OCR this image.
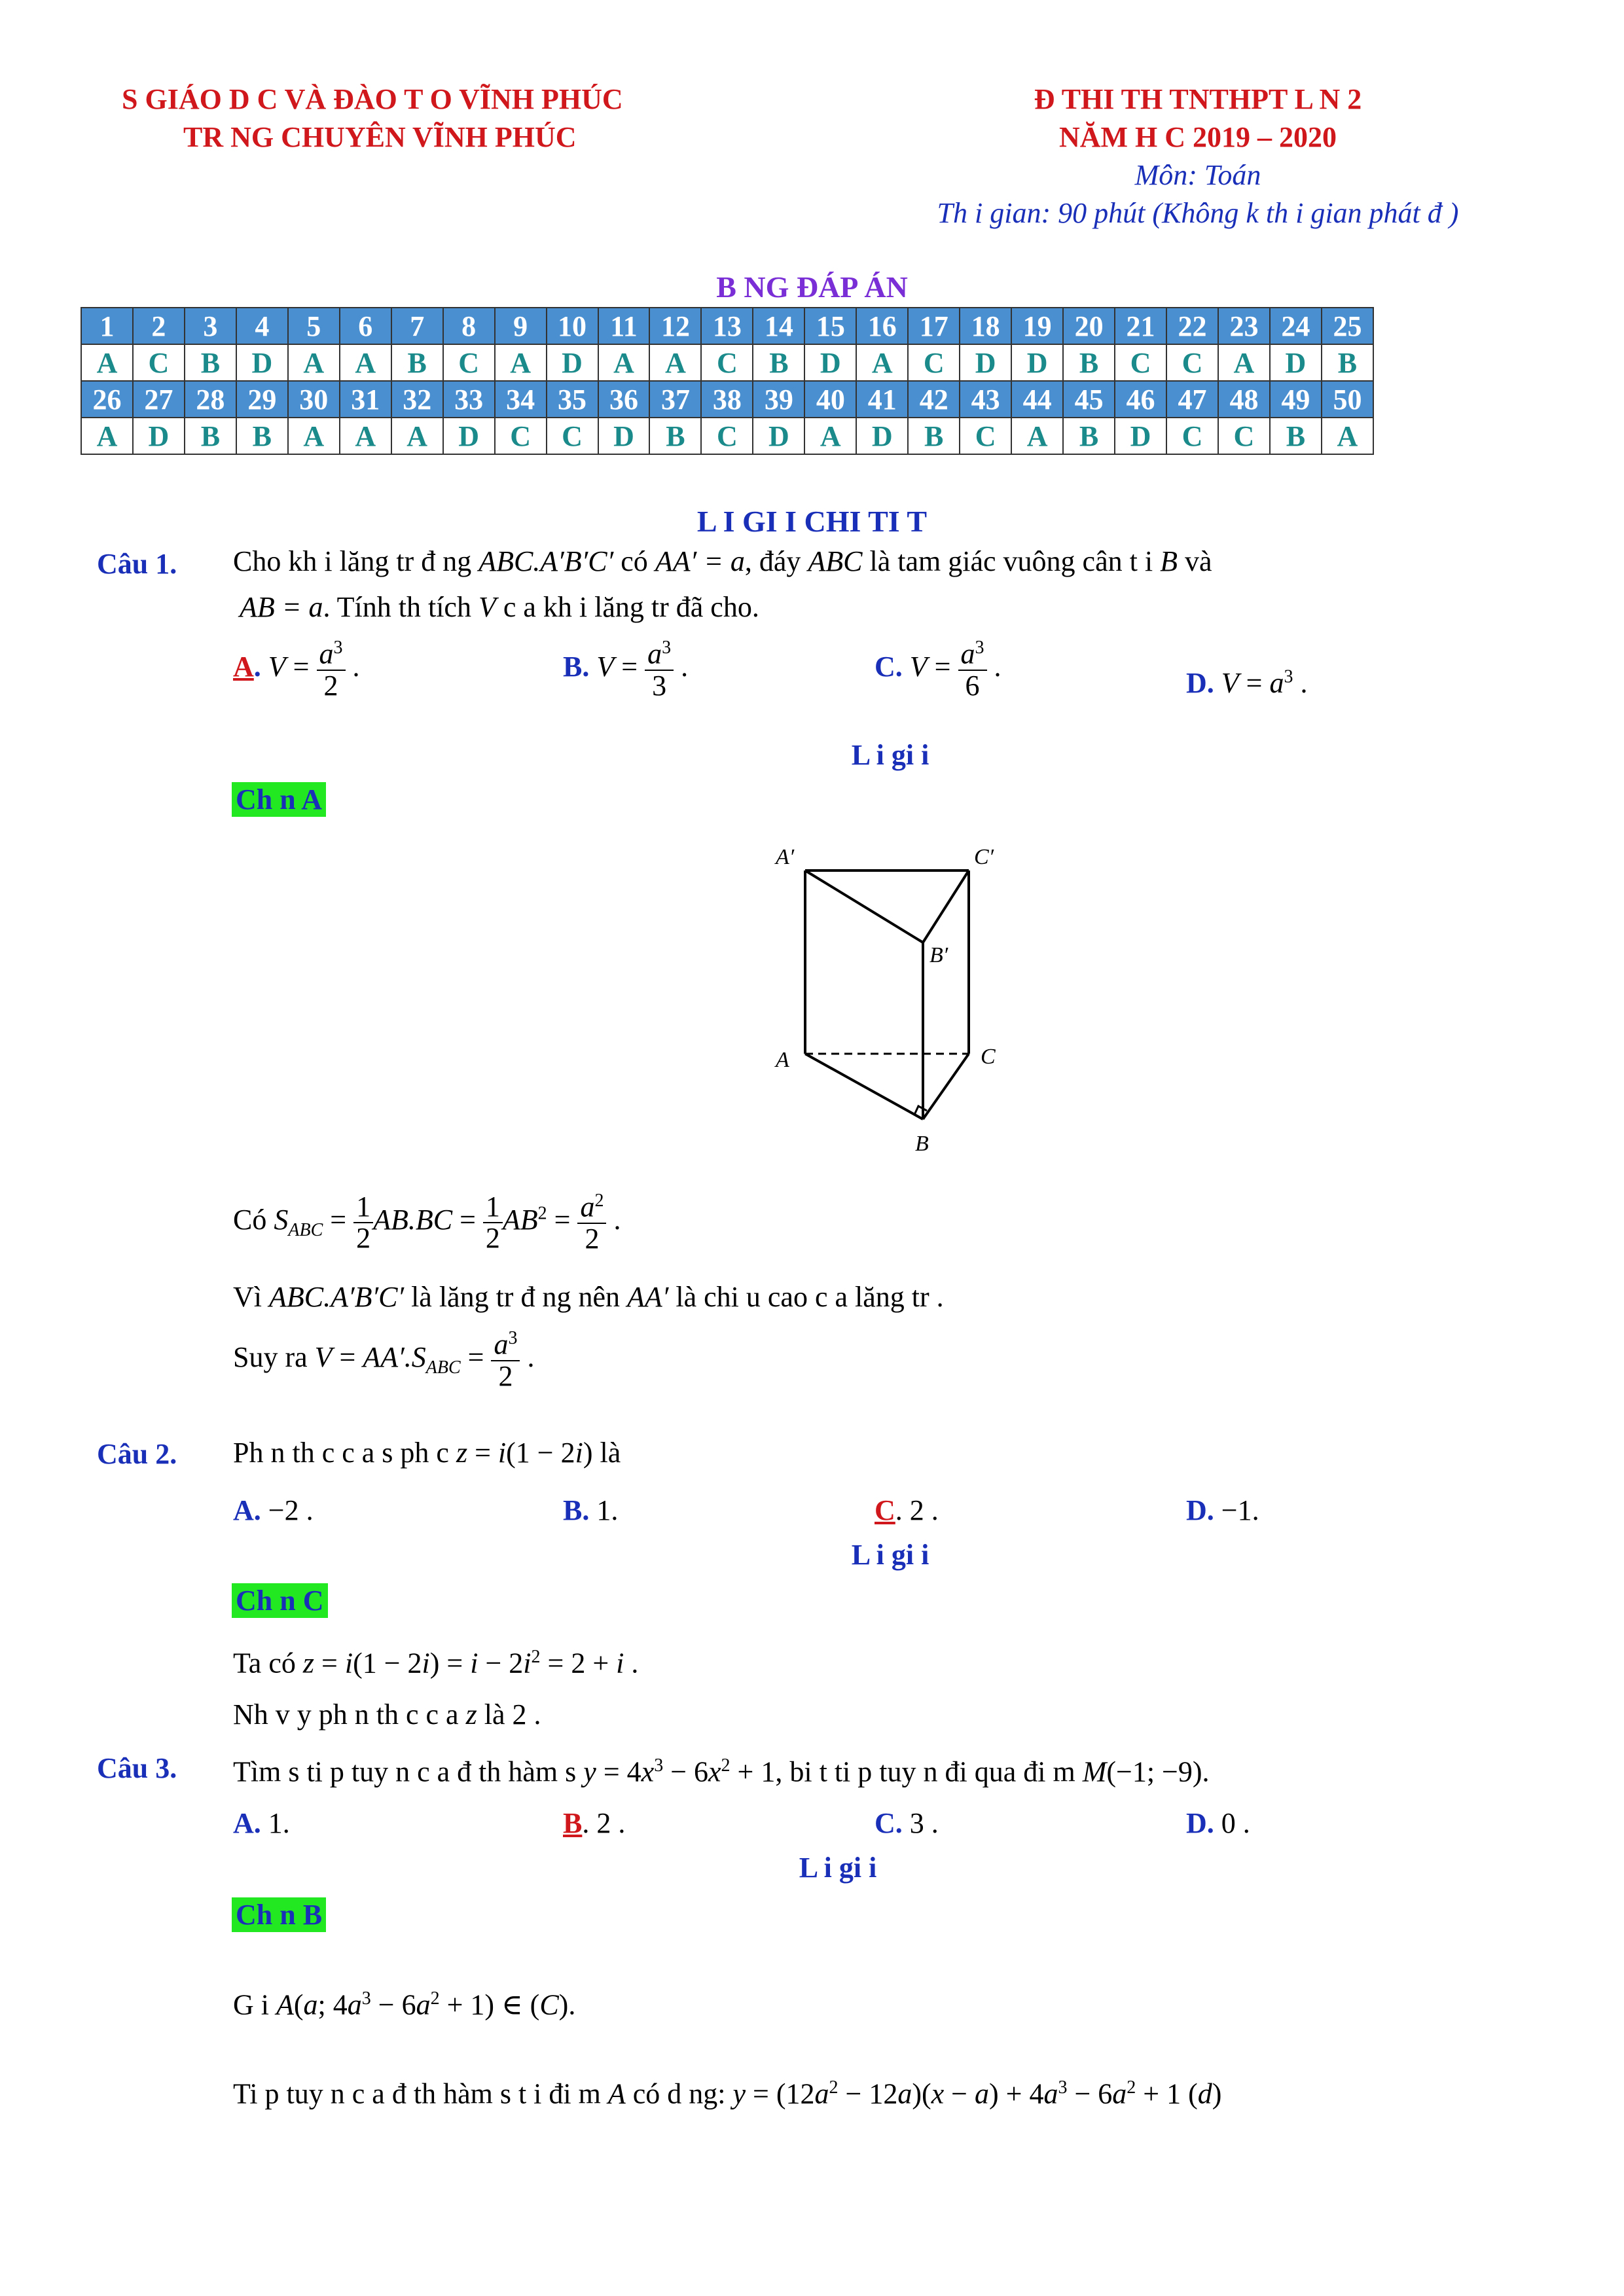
S GIÁO D C VÀ ĐÀO T O VĨNH PHÚC
TR NG CHUYÊN VĨNH PHÚC
Đ THI TH TNTHPT L N 2
NĂM H C 2019 – 2020
Môn: Toán
Th i gian: 90 phút (Không k th i gian phát đ )
B NG ĐÁP ÁN
1	2	3	4	5	6	7	8	9	10	11	12	13	14	15	16	17	18	19	20	21	22	23	24	25
A	C	B	D	A	A	B	C	A	D	A	A	C	B	D	A	C	D	D	B	C	C	A	D	B
26	27	28	29	30	31	32	33	34	35	36	37	38	39	40	41	42	43	44	45	46	47	48	49	50
A	D	B	B	A	A	A	D	C	C	D	B	C	D	A	D	B	C	A	B	D	C	C	B	A
L I GI I CHI TI T
Câu 1. Cho kh i lăng tr đ ng ABC.A′B′C′ có AA′ = a, đáy ABC là tam giác vuông cân t i B và
AB = a. Tính th tích V c a kh i lăng tr đã cho.
A. $V = \frac{a^3}{2}$ .	B. $V = \frac{a^3}{3}$ .	C. $V = \frac{a^3}{6}$ .
D. $V = a^3$ .
L i gi i
Ch n A
A′	C′
B′
A	C
B
Có $S_{ABC} = \frac{1}{2} AB.BC = \frac{1}{2} AB^2 = \frac{a^2}{2}$ .
Vì ABC.A′B′C′ là lăng tr đ ng nên AA′ là chi u cao c a lăng tr .
Suy ra $V = AA'.S_{ABC} = \frac{a^3}{2}$ .
Câu 2. Ph n th c c a s ph c z = i(1 − 2i) là
A. −2 .	B. 1.	C. 2 .	D. −1.
L i gi i
Ch n C
Ta có $z = i(1 - 2i) = i - 2i^2 = 2 + i$ .
Nh v y ph n th c c a z là 2 .
Câu 3. Tìm s ti p tuy n c a đ th hàm s $y = 4x^3 - 6x^2 + 1$, bi t ti p tuy n đi qua đi m M(−1; −9).
A. 1.	B. 2 .	C. 3 .	D. 0 .
L i gi i
Ch n B
G i A(a; $4a^3 - 6a^2 + 1$) ∈ (C).
Ti p tuy n c a đ th hàm s t i đi m A có d ng: $y = (12a^2 - 12a)(x - a) + 4a^3 - 6a^2 + 1$ (d)
